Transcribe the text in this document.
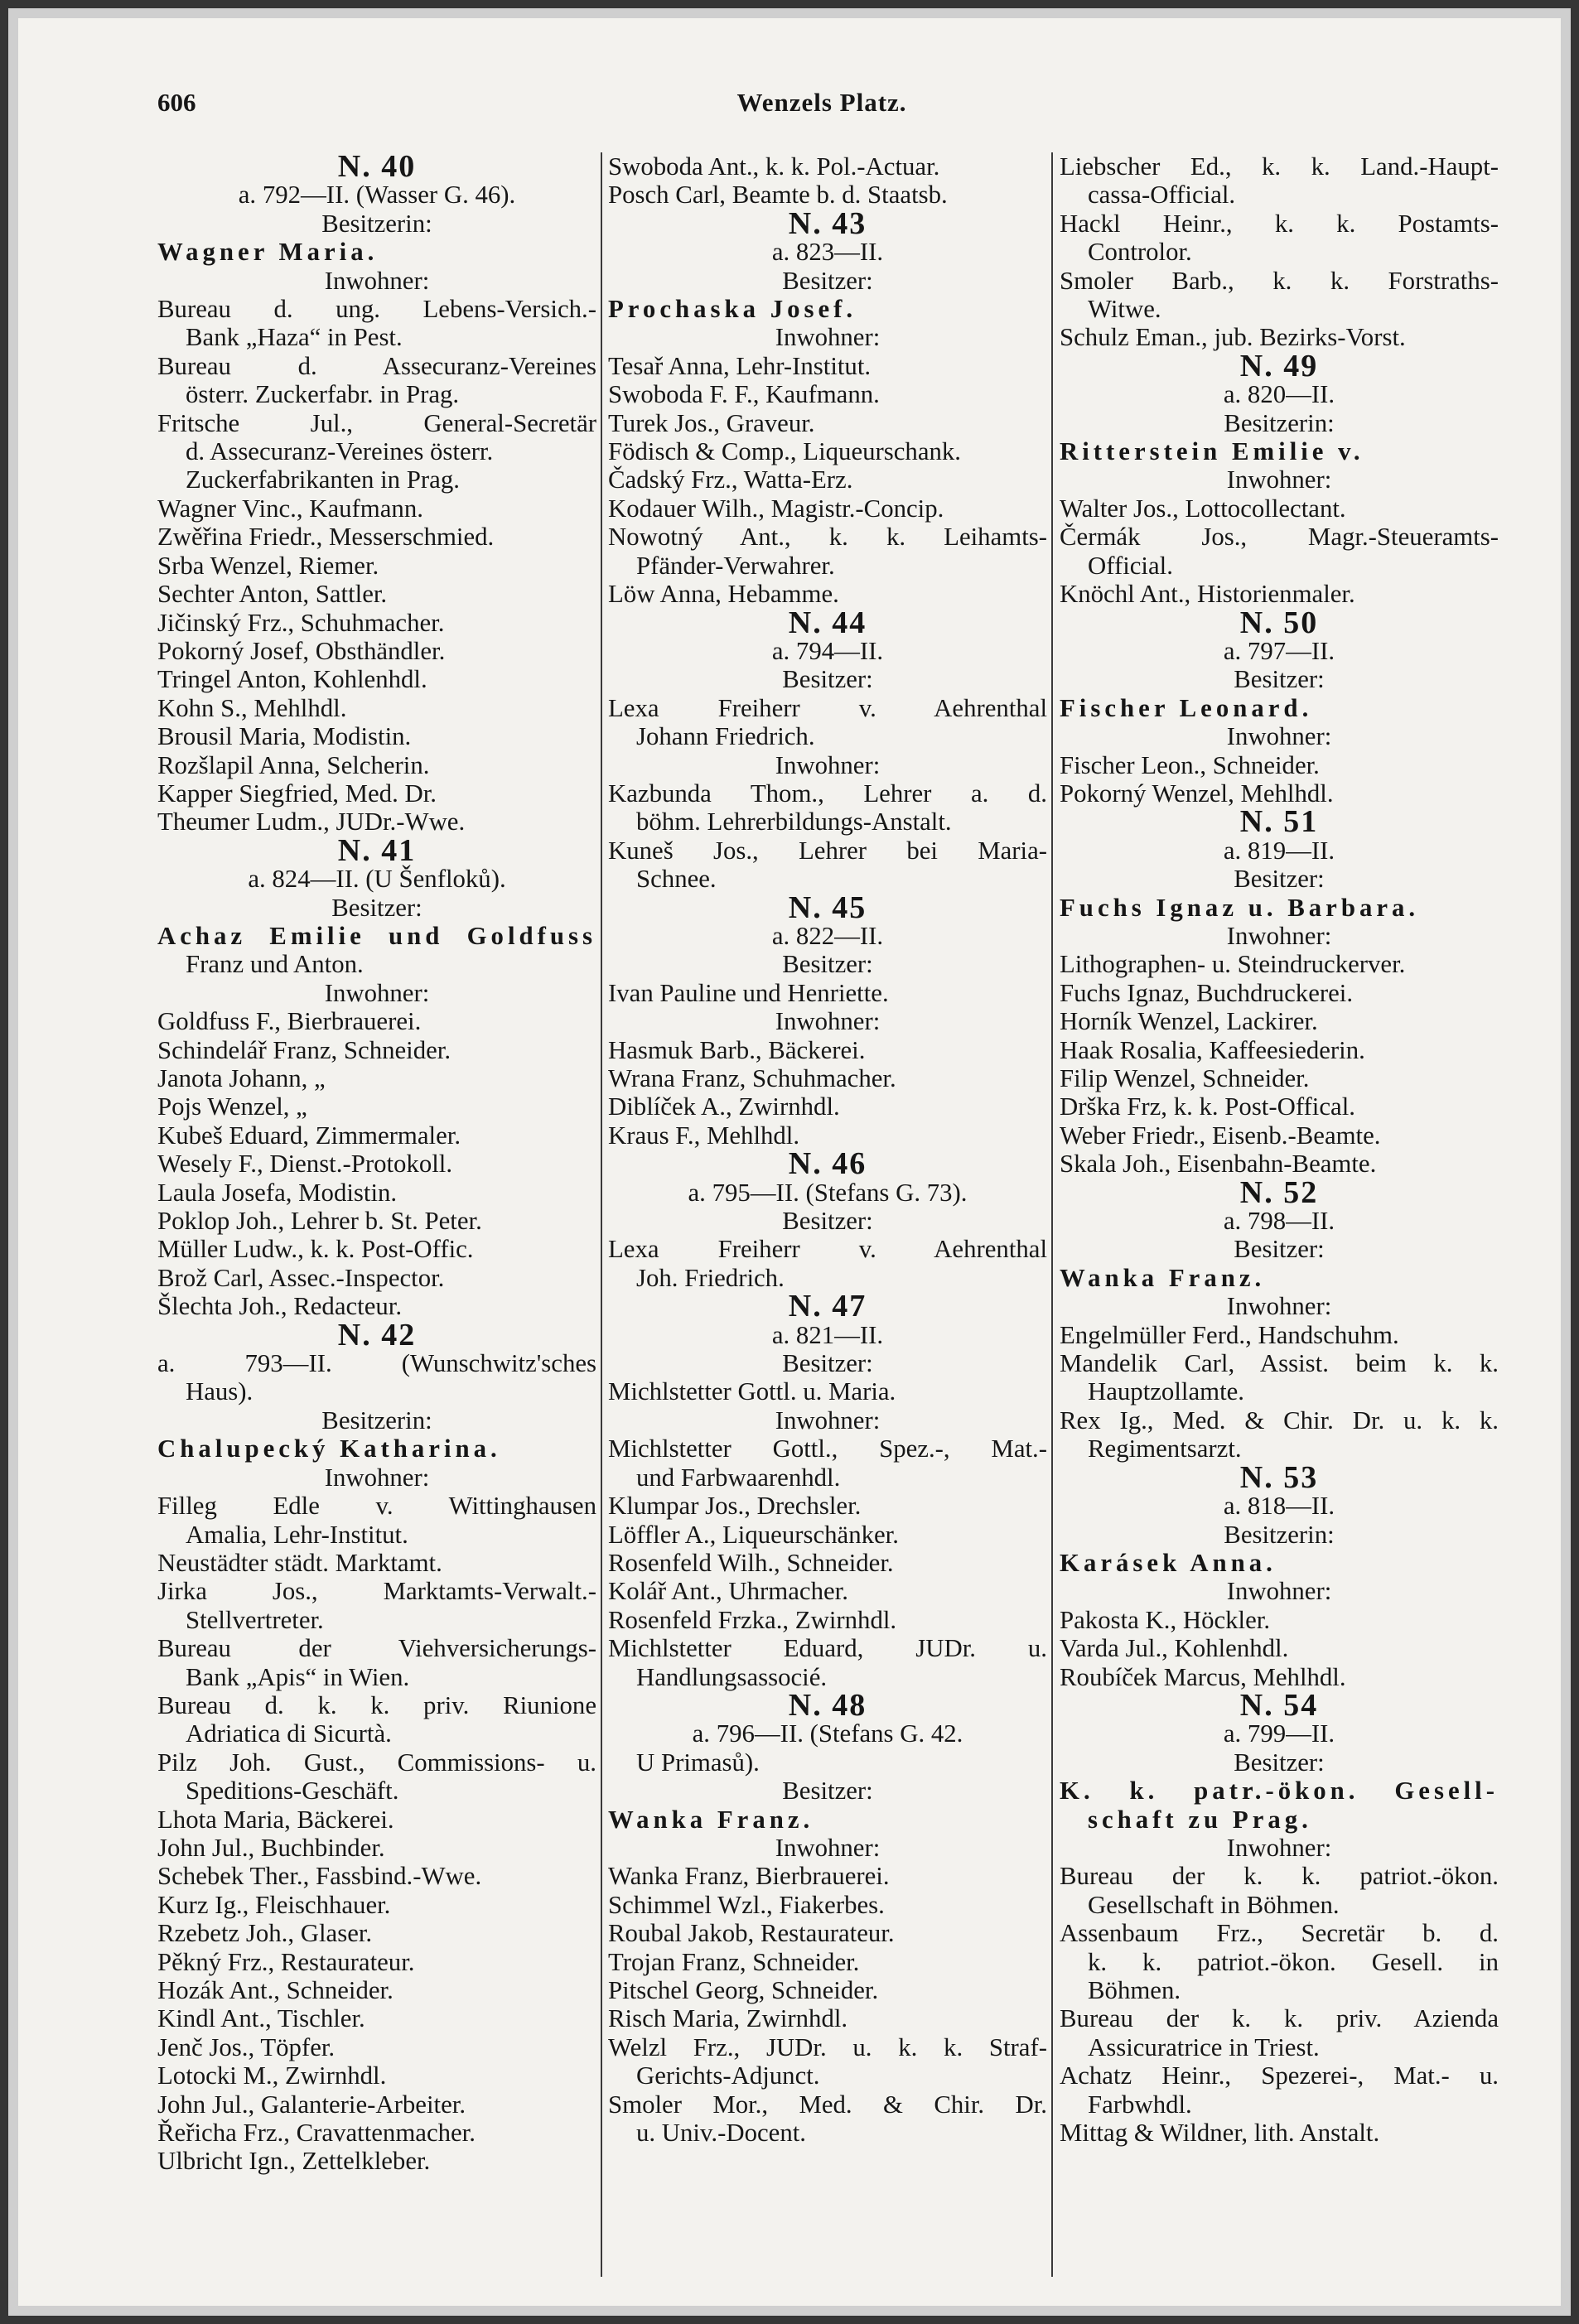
606	Wenzels Platz.
N. 40
a. 792—II. (Wasser G. 46).
Besitzerin:
Wagner Maria.
Inwohner:
Bureau d. ung. Lebens-Versich.-
Bank „Haza“ in Pest.
Bureau d. Assecuranz-Vereines
österr. Zuckerfabr. in Prag.
Fritsche Jul., General-Secretär
d. Assecuranz-Vereines österr.
Zuckerfabrikanten in Prag.
Wagner Vinc., Kaufmann.
Zwěřina Friedr., Messerschmied.
Srba Wenzel, Riemer.
Sechter Anton, Sattler.
Jičinský Frz., Schuhmacher.
Pokorný Josef, Obsthändler.
Tringel Anton, Kohlenhdl.
Kohn S., Mehlhdl.
Brousil Maria, Modistin.
Rozšlapil Anna, Selcherin.
Kapper Siegfried, Med. Dr.
Theumer Ludm., JUDr.-Wwe.
N. 41
a. 824—II. (U Šenfloků).
Besitzer:
Achaz Emilie und Goldfuss
Franz und Anton.
Inwohner:
Goldfuss F., Bierbrauerei.
Schindelář Franz, Schneider.
Janota Johann, „
Pojs Wenzel, „
Kubeš Eduard, Zimmermaler.
Wesely F., Dienst.-Protokoll.
Laula Josefa, Modistin.
Poklop Joh., Lehrer b. St. Peter.
Müller Ludw., k. k. Post-Offic.
Brož Carl, Assec.-Inspector.
Šlechta Joh., Redacteur.
N. 42
a. 793—II. (Wunschwitz'sches
Haus).
Besitzerin:
Chalupecký Katharina.
Inwohner:
Filleg Edle v. Wittinghausen
Amalia, Lehr-Institut.
Neustädter städt. Marktamt.
Jirka Jos., Marktamts-Verwalt.-
Stellvertreter.
Bureau der Viehversicherungs-
Bank „Apis“ in Wien.
Bureau d. k. k. priv. Riunione
Adriatica di Sicurtà.
Pilz Joh. Gust., Commissions- u.
Speditions-Geschäft.
Lhota Maria, Bäckerei.
John Jul., Buchbinder.
Schebek Ther., Fassbind.-Wwe.
Kurz Ig., Fleischhauer.
Rzebetz Joh., Glaser.
Pěkný Frz., Restaurateur.
Hozák Ant., Schneider.
Kindl Ant., Tischler.
Jenč Jos., Töpfer.
Lotocki M., Zwirnhdl.
John Jul., Galanterie-Arbeiter.
Řeřicha Frz., Cravattenmacher.
Ulbricht Ign., Zettelkleber.
Swoboda Ant., k. k. Pol.-Actuar.
Posch Carl, Beamte b. d. Staatsb.
N. 43
a. 823—II.
Besitzer:
Prochaska Josef.
Inwohner:
Tesař Anna, Lehr-Institut.
Swoboda F. F., Kaufmann.
Turek Jos., Graveur.
Födisch & Comp., Liqueurschank.
Čadský Frz., Watta-Erz.
Kodauer Wilh., Magistr.-Concip.
Nowotný Ant., k. k. Leihamts-
Pfänder-Verwahrer.
Löw Anna, Hebamme.
N. 44
a. 794—II.
Besitzer:
Lexa Freiherr v. Aehrenthal
Johann Friedrich.
Inwohner:
Kazbunda Thom., Lehrer a. d.
böhm. Lehrerbildungs-Anstalt.
Kuneš Jos., Lehrer bei Maria-
Schnee.
N. 45
a. 822—II.
Besitzer:
Ivan Pauline und Henriette.
Inwohner:
Hasmuk Barb., Bäckerei.
Wrana Franz, Schuhmacher.
Diblíček A., Zwirnhdl.
Kraus F., Mehlhdl.
N. 46
a. 795—II. (Stefans G. 73).
Besitzer:
Lexa Freiherr v. Aehrenthal
Joh. Friedrich.
N. 47
a. 821—II.
Besitzer:
Michlstetter Gottl. u. Maria.
Inwohner:
Michlstetter Gottl., Spez.-, Mat.-
und Farbwaarenhdl.
Klumpar Jos., Drechsler.
Löffler A., Liqueurschänker.
Rosenfeld Wilh., Schneider.
Kolář Ant., Uhrmacher.
Rosenfeld Frzka., Zwirnhdl.
Michlstetter Eduard, JUDr. u.
Handlungsassocié.
N. 48
a. 796—II. (Stefans G. 42.
U Primasů).
Besitzer:
Wanka Franz.
Inwohner:
Wanka Franz, Bierbrauerei.
Schimmel Wzl., Fiakerbes.
Roubal Jakob, Restaurateur.
Trojan Franz, Schneider.
Pitschel Georg, Schneider.
Risch Maria, Zwirnhdl.
Welzl Frz., JUDr. u. k. k. Straf-
Gerichts-Adjunct.
Smoler Mor., Med. & Chir. Dr.
u. Univ.-Docent.
Liebscher Ed., k. k. Land.-Haupt-
cassa-Official.
Hackl Heinr., k. k. Postamts-
Controlor.
Smoler Barb., k. k. Forstraths-
Witwe.
Schulz Eman., jub. Bezirks-Vorst.
N. 49
a. 820—II.
Besitzerin:
Ritterstein Emilie v.
Inwohner:
Walter Jos., Lottocollectant.
Čermák Jos., Magr.-Steueramts-
Official.
Knöchl Ant., Historienmaler.
N. 50
a. 797—II.
Besitzer:
Fischer Leonard.
Inwohner:
Fischer Leon., Schneider.
Pokorný Wenzel, Mehlhdl.
N. 51
a. 819—II.
Besitzer:
Fuchs Ignaz u. Barbara.
Inwohner:
Lithographen- u. Steindruckerver.
Fuchs Ignaz, Buchdruckerei.
Horník Wenzel, Lackirer.
Haak Rosalia, Kaffeesiederin.
Filip Wenzel, Schneider.
Drška Frz, k. k. Post-Offical.
Weber Friedr., Eisenb.-Beamte.
Skala Joh., Eisenbahn-Beamte.
N. 52
a. 798—II.
Besitzer:
Wanka Franz.
Inwohner:
Engelmüller Ferd., Handschuhm.
Mandelik Carl, Assist. beim k. k.
Hauptzollamte.
Rex Ig., Med. & Chir. Dr. u. k. k.
Regimentsarzt.
N. 53
a. 818—II.
Besitzerin:
Karásek Anna.
Inwohner:
Pakosta K., Höckler.
Varda Jul., Kohlenhdl.
Roubíček Marcus, Mehlhdl.
N. 54
a. 799—II.
Besitzer:
K. k. patr.-ökon. Gesell-
schaft zu Prag.
Inwohner:
Bureau der k. k. patriot.-ökon.
Gesellschaft in Böhmen.
Assenbaum Frz., Secretär b. d.
k. k. patriot.-ökon. Gesell. in
Böhmen.
Bureau der k. k. priv. Azienda
Assicuratrice in Triest.
Achatz Heinr., Spezerei-, Mat.- u.
Farbwhdl.
Mittag & Wildner, lith. Anstalt.
